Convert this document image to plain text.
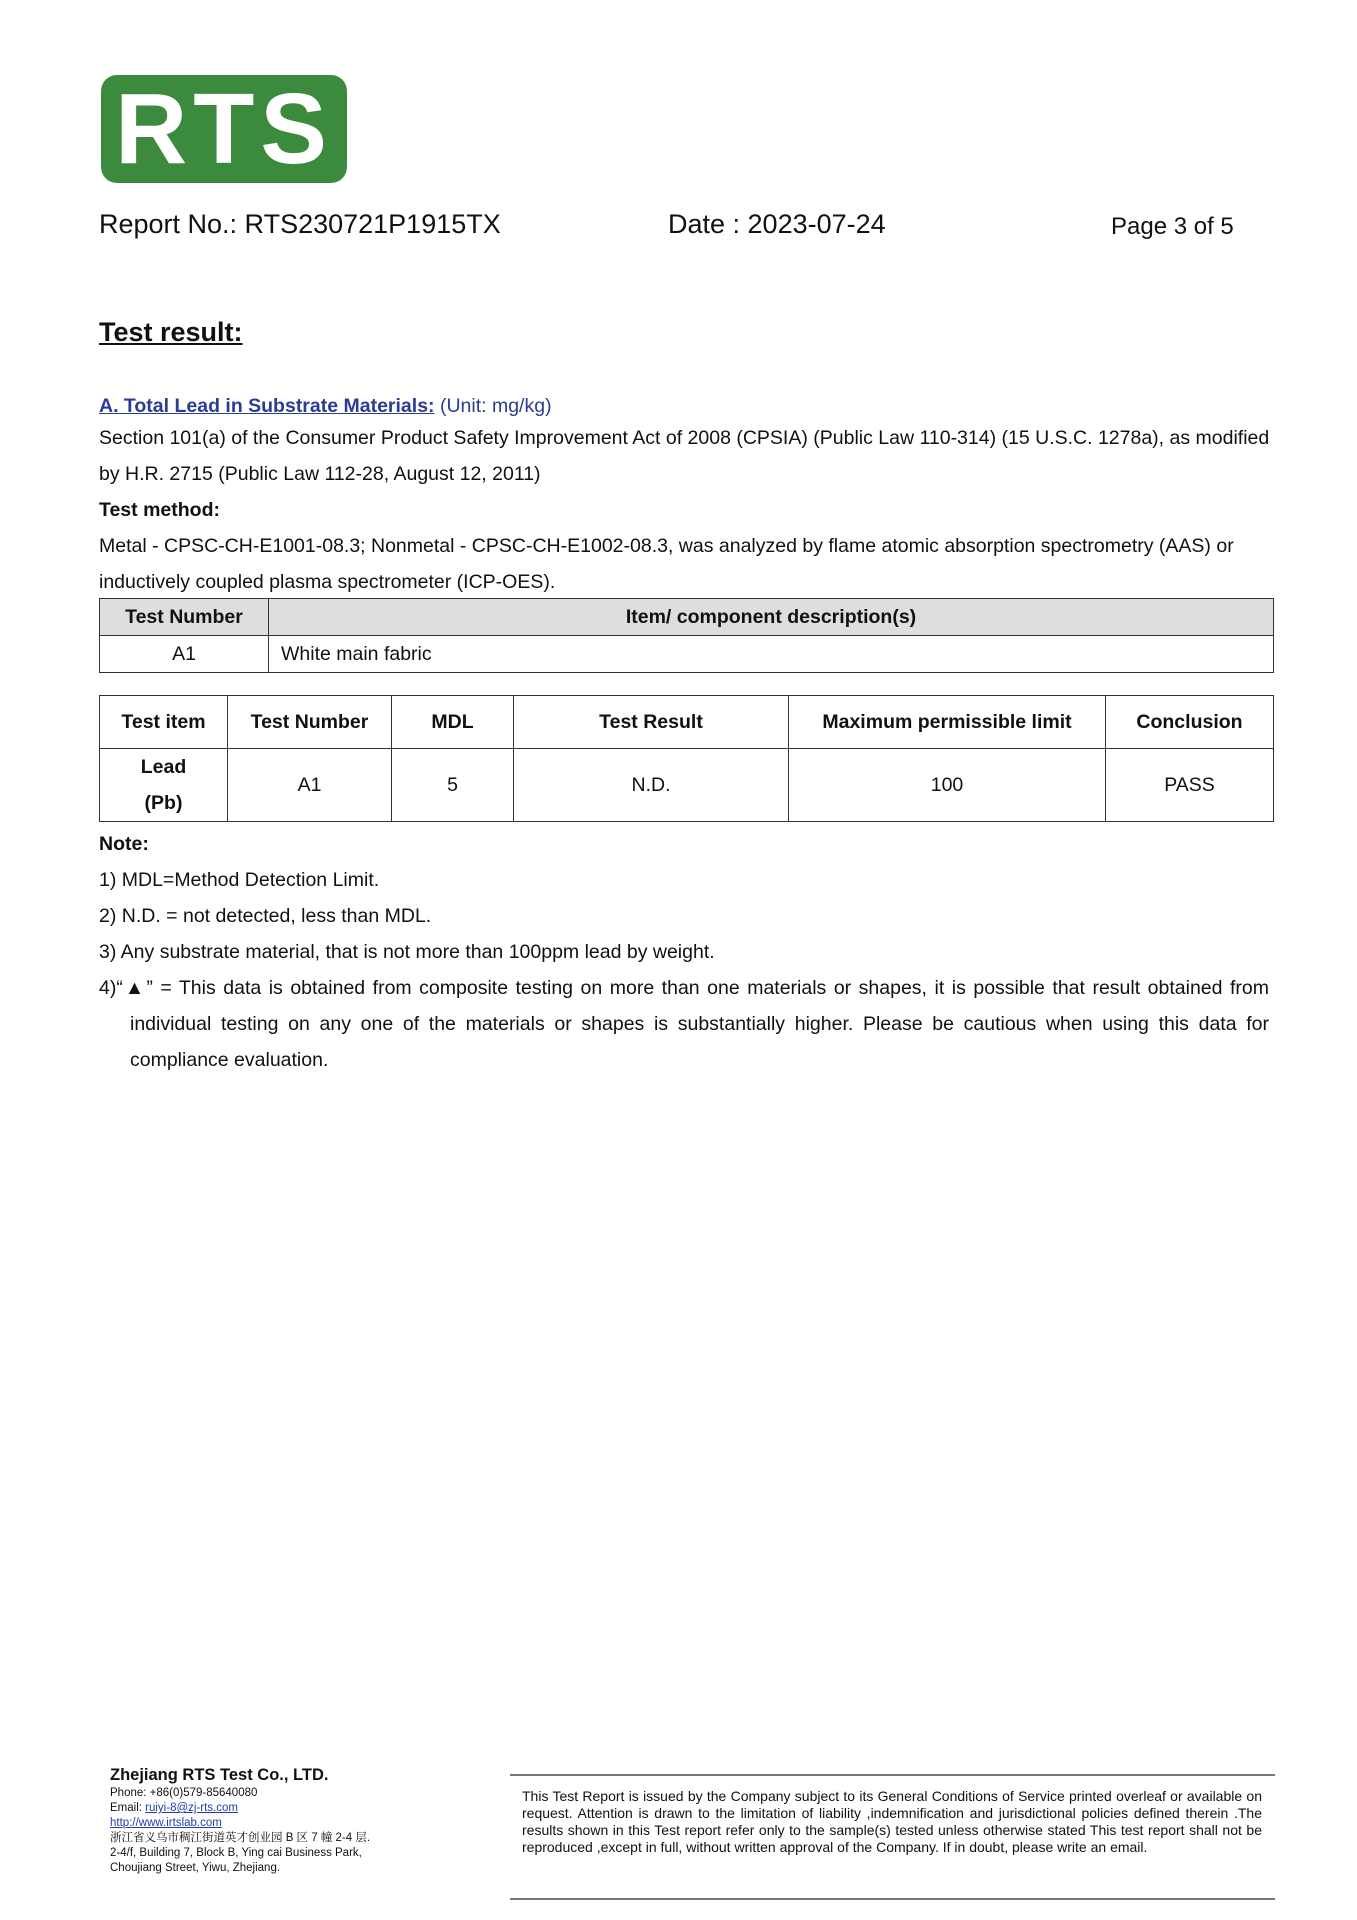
RTS
Report No.: RTS230721P1915TX	Date : 2023-07-24	Page 3 of 5
Test result:
A. Total Lead in Substrate Materials: (Unit: mg/kg)
Section 101(a) of the Consumer Product Safety Improvement Act of 2008 (CPSIA) (Public Law 110-314) (15 U.S.C. 1278a), as modified by H.R. 2715 (Public Law 112-28, August 12, 2011)
Test method:
Metal - CPSC-CH-E1001-08.3; Nonmetal - CPSC-CH-E1002-08.3, was analyzed by flame atomic absorption spectrometry (AAS) or inductively coupled plasma spectrometer (ICP-OES).
Test Number	Item/ component description(s)
A1	White main fabric
Test item	Test Number	MDL	Test Result	Maximum permissible limit	Conclusion

Lead
(Pb)	A1	5	N.D.	100	PASS
Note:
1) MDL=Method Detection Limit.
2) N.D. = not detected, less than MDL.
3) Any substrate material, that is not more than 100ppm lead by weight.
4)“▲” = This data is obtained from composite testing on more than one materials or shapes, it is possible that result obtained from individual testing on any one of the materials or shapes is substantially higher. Please be cautious when using this data for compliance evaluation.
Zhejiang RTS Test Co., LTD.
Phone: +86(0)579-85640080
Email: ruiyi-8@zj-rts.com
http://www.irtslab.com
浙江省义乌市稠江街道英才创业园 B 区 7 幢 2-4 层.
2-4/f, Building 7, Block B, Ying cai Business Park,
Choujiang Street, Yiwu, Zhejiang.
This Test Report is issued by the Company subject to its General Conditions of Service printed overleaf or available on request. Attention is drawn to the limitation of liability ,indemnification and jurisdictional policies defined therein .The results shown in this Test report refer only to the sample(s) tested unless otherwise stated This test report shall not be reproduced ,except in full, without written approval of the Company. If in doubt, please write an email.
